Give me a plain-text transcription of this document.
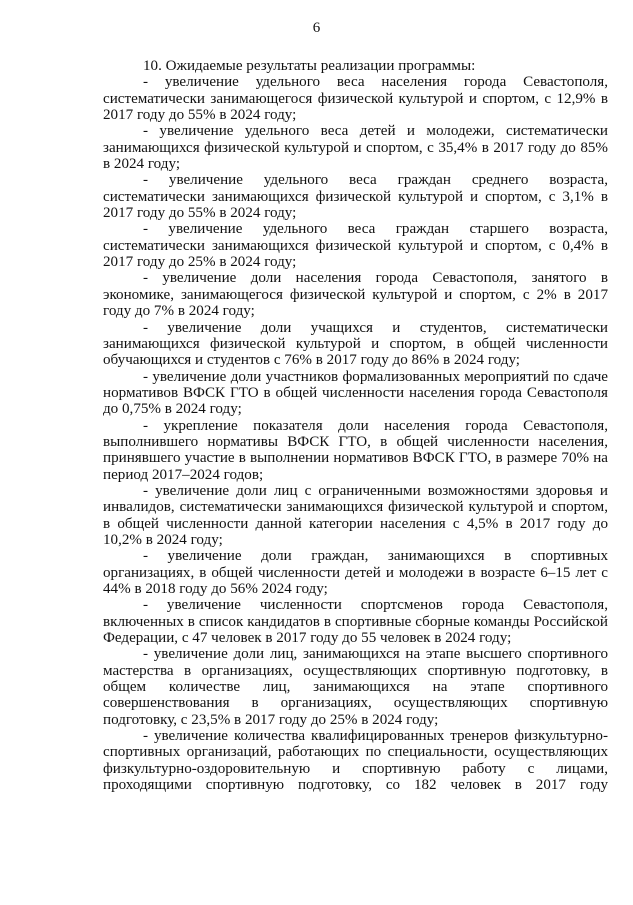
6

10. Ожидаемые результаты реализации программы:

- увеличение удельного веса населения города Севастополя, систематически занимающегося физической культурой и спортом, с 12,9% в 2017 году до 55% в 2024 году;

- увеличение удельного веса детей и молодежи, систематически занимающихся физической культурой и спортом, с 35,4% в 2017 году до 85% в 2024 году;

- увеличение удельного веса граждан среднего возраста, систематически занимающихся физической культурой и спортом, с 3,1% в 2017 году до 55% в 2024 году;

- увеличение удельного веса граждан старшего возраста, систематически занимающихся физической культурой и спортом, с 0,4% в 2017 году до 25% в 2024 году;

- увеличение доли населения города Севастополя, занятого в экономике, занимающегося физической культурой и спортом, с 2% в 2017 году до 7% в 2024 году;

- увеличение доли учащихся и студентов, систематически занимающихся физической культурой и спортом, в общей численности обучающихся и студентов с 76% в 2017 году до 86% в 2024 году;

- увеличение доли участников формализованных мероприятий по сдаче нормативов ВФСК ГТО в общей численности населения города Севастополя до 0,75% в 2024 году;

- укрепление показателя доли населения города Севастополя, выполнившего нормативы ВФСК ГТО, в общей численности населения, принявшего участие в выполнении нормативов ВФСК ГТО, в размере 70% на период 2017–2024 годов;

- увеличение доли лиц с ограниченными возможностями здоровья и инвалидов, систематически занимающихся физической культурой и спортом, в общей численности данной категории населения с 4,5% в 2017 году до 10,2% в 2024 году;

- увеличение доли граждан, занимающихся в спортивных организациях, в общей численности детей и молодежи в возрасте 6–15 лет с 44% в 2018 году до 56% 2024 году;

- увеличение численности спортсменов города Севастополя, включенных в список кандидатов в спортивные сборные команды Российской Федерации, с 47 человек в 2017 году до 55 человек в 2024 году;

- увеличение доли лиц, занимающихся на этапе высшего спортивного мастерства в организациях, осуществляющих спортивную подготовку, в общем количестве лиц, занимающихся на этапе спортивного совершенствования в организациях, осуществляющих спортивную подготовку, с 23,5% в 2017 году до 25% в 2024 году;

- увеличение количества квалифицированных тренеров физкультурно-спортивных организаций, работающих по специальности, осуществляющих физкультурно-оздоровительную и спортивную работу с лицами, проходящими спортивную подготовку, со 182 человек в 2017 году
